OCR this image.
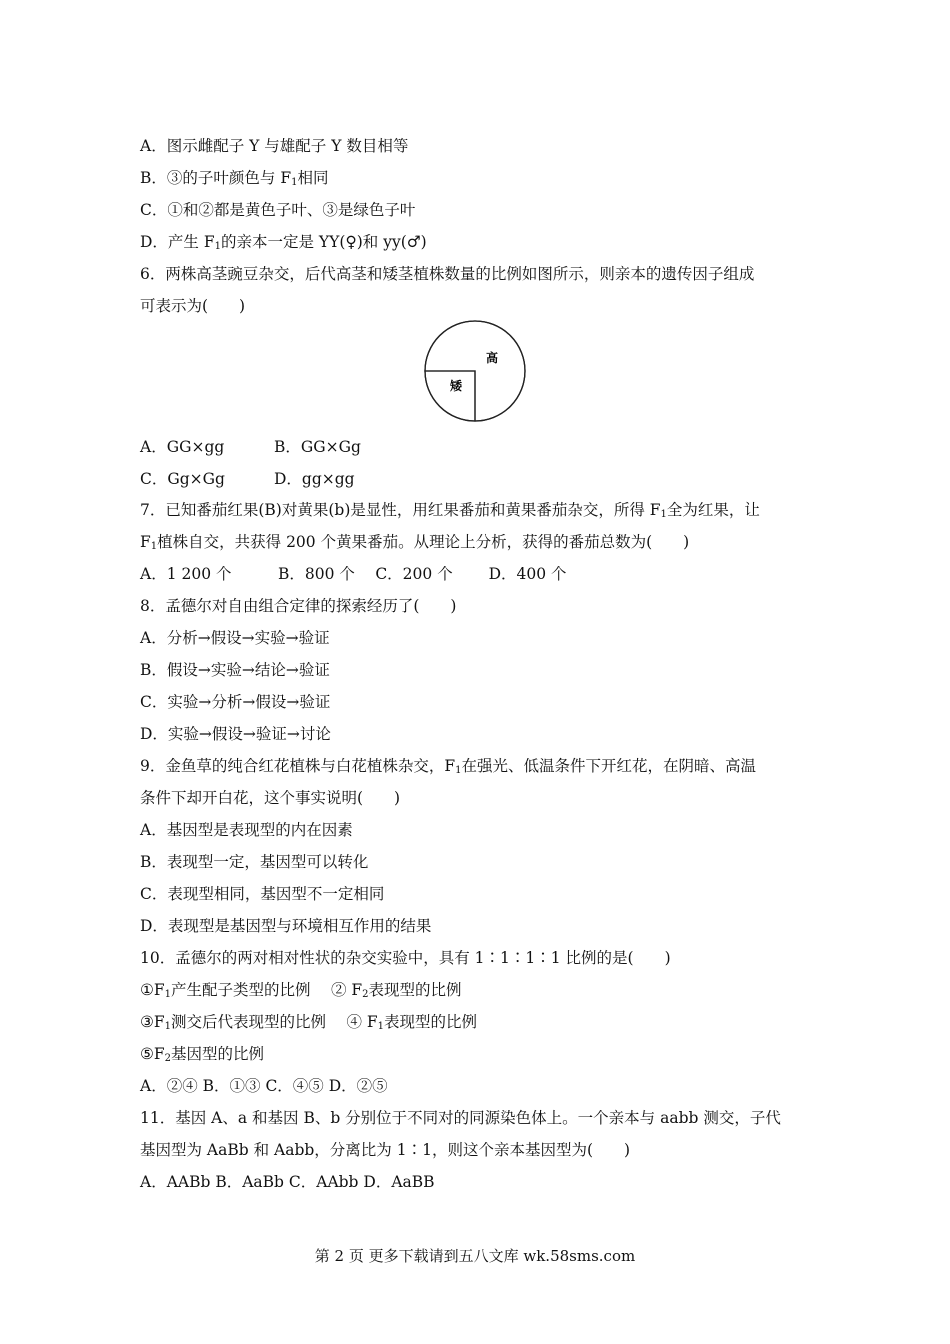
A．图示雌配子 Y 与雄配子 Y 数目相等
B．③的子叶颜色与 $F_1$相同
C．①和②都是黄色子叶、③是绿色子叶
D．产生 $F_1$的亲本一定是 YY(♀)和 yy(♂)
6．两株高茎豌豆杂交，后代高茎和矮茎植株数量的比例如图所示，则亲本的遗传因子组成
可表示为(　　)
高
矮
A．GG×gg	B．GG×Gg
C．Gg×Gg	D．gg×gg
7．已知番茄红果(B)对黄果(b)是显性，用红果番茄和黄果番茄杂交，所得 $F_1$全为红果，让
$F_1$植株自交，共获得 200 个黄果番茄。从理论上分析，获得的番茄总数为(　　)
A．1 200 个　　　B．800 个　 C．200 个　　 D．400 个
8．孟德尔对自由组合定律的探索经历了(　　)
A．分析→假设→实验→验证
B．假设→实验→结论→验证
C．实验→分析→假设→验证
D．实验→假设→验证→讨论
9．金鱼草的纯合红花植株与白花植株杂交，$F_1$在强光、低温条件下开红花，在阴暗、高温
条件下却开白花，这个事实说明(　　)
A．基因型是表现型的内在因素
B．表现型一定，基因型可以转化
C．表现型相同，基因型不一定相同
D．表现型是基因型与环境相互作用的结果
10．孟德尔的两对相对性状的杂交实验中，具有 1∶1∶1∶1 比例的是(　　)
$①F_1$产生配子类型的比例　 ② $F_2$表现型的比例
$③F_1$测交后代表现型的比例　 ④ $F_1$表现型的比例
$⑤F_2$基因型的比例
A．②④ B．①③ C．④⑤ D．②⑤
11．基因 A、a 和基因 B、b 分别位于不同对的同源染色体上。一个亲本与 aabb 测交，子代
基因型为 AaBb 和 Aabb，分离比为 1∶1，则这个亲本基因型为(　　)
A．AABb B．AaBb C．AAbb D．AaBB
第 2 页 更多下载请到五八文库 wk.58sms.com
